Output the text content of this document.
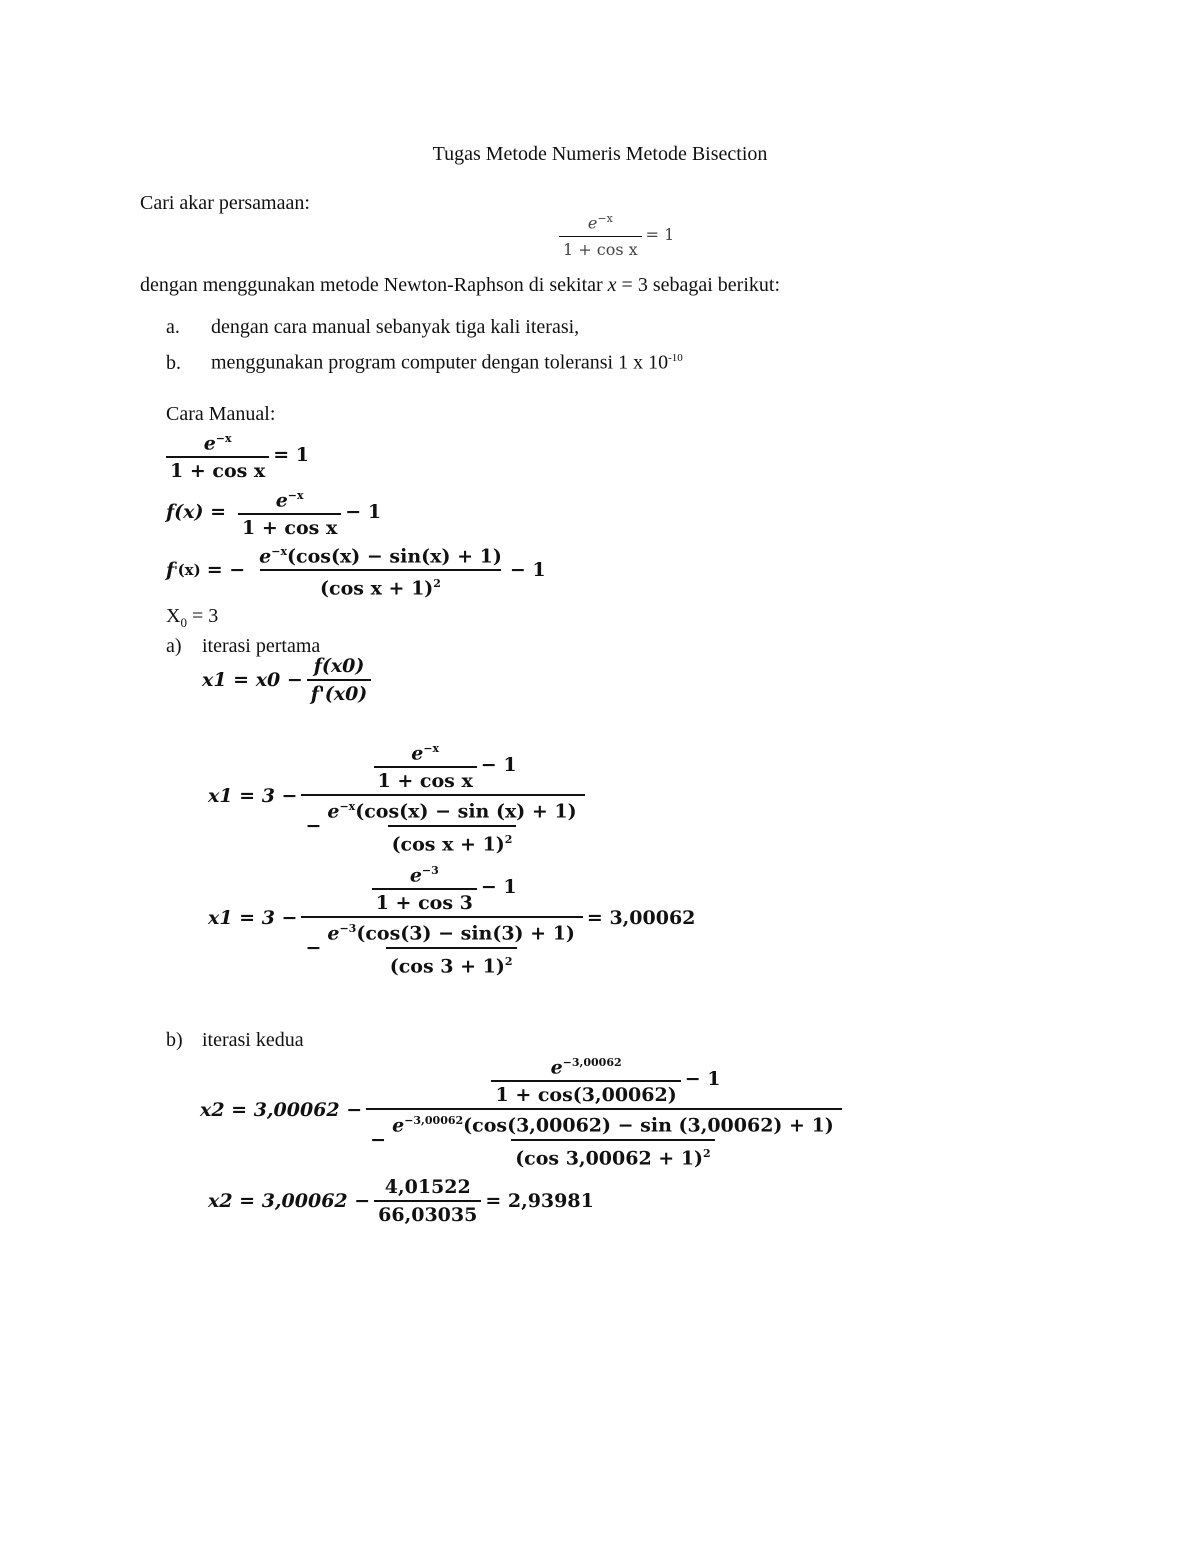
Tugas Metode Numeris Metode Bisection
Cari akar persamaan:
$\frac{e^{-x}}{\text{1 + cos x}} = 1$
dengan menggunakan metode Newton-Raphson di sekitar x = 3 sebagai berikut:
a. dengan cara manual sebanyak tiga kali iterasi,
b. menggunakan program computer dengan toleransi 1 x $10^{-10}$
Cara Manual:
$\frac{e^{-x}}{\text{1 + cos x}} = 1$
$f(x) = \frac{e^{-x}}{\text{1 + cos x}} - 1$
f ' (x) = − $\frac{e^{-x}(\cos(x) - \sin(x) + 1)}{(\cos x + 1)^2} - 1$
$X_0 = 3$
a) iterasi pertama
$x1 = x0 - \frac{f(x0)}{f'(x0)}$
x1 = 3 −
$\frac{e^{-x}}{\text{1 + cos x}} - 1$
− $\frac{e^{-x}(\cos(x) - \sin (x) + 1)}{(\cos x + 1)^2}$
x1 = 3 −
$\frac{e^{-3}}{1 + \cos 3} - 1$
− $\frac{e^{-3}(\cos(3) - \sin(3) + 1)}{(\cos 3 + 1)^2} = 3,00062$
b) iterasi kedua
x2 = 3,00062 −
$\frac{e^{-3,00062}}{1 + \cos(3,00062)} - 1$
− $\frac{e^{-3,00062}(\cos(3,00062) - \sin (3,00062) + 1)}{(\cos 3,00062 + 1)^2}$
$x2 = 3,00062 - \frac{4,01522}{66,03035} = 2,93981$
